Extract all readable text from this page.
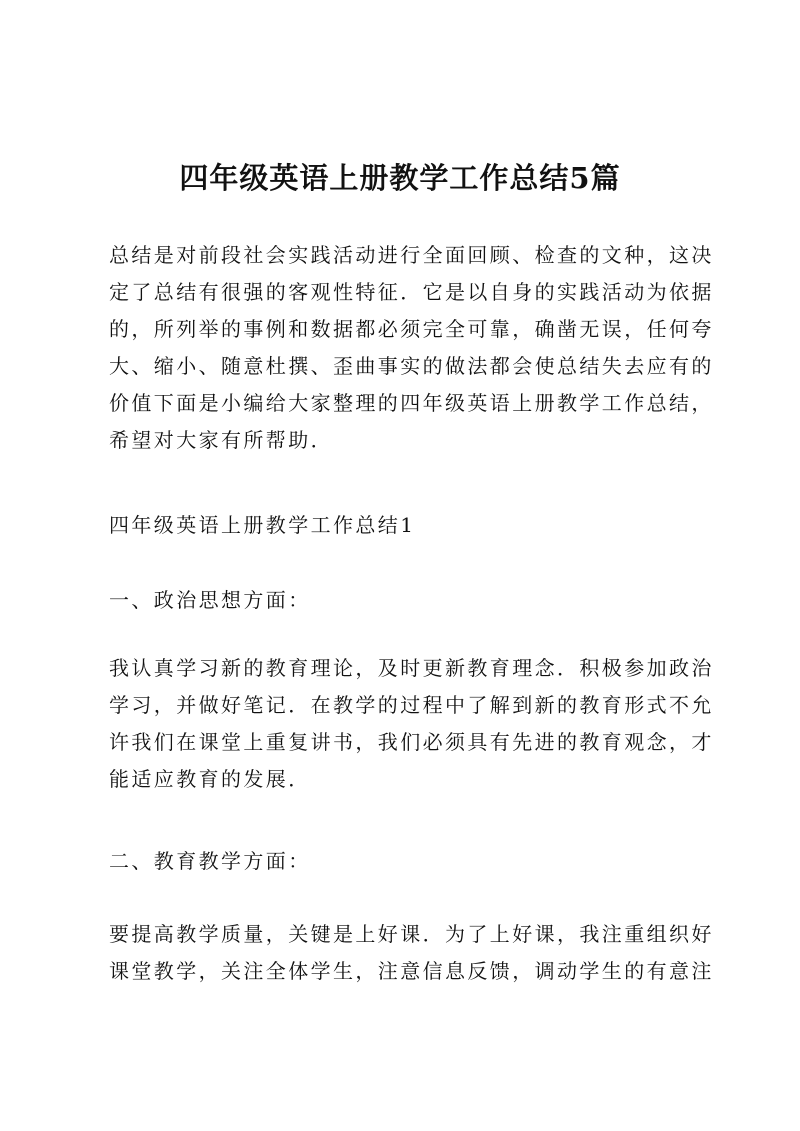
四年级英语上册教学工作总结5篇
总结是对前段社会实践活动进行全面回顾、检查的文种，这决
定了总结有很强的客观性特征．它是以自身的实践活动为依据
的，所列举的事例和数据都必须完全可靠，确凿无误，任何夸
大、缩小、随意杜撰、歪曲事实的做法都会使总结失去应有的
价值下面是小编给大家整理的四年级英语上册教学工作总结，
希望对大家有所帮助．
四年级英语上册教学工作总结1
一、政治思想方面：
我认真学习新的教育理论，及时更新教育理念．积极参加政治
学习，并做好笔记．在教学的过程中了解到新的教育形式不允
许我们在课堂上重复讲书，我们必须具有先进的教育观念，才
能适应教育的发展．
二、教育教学方面：
要提高教学质量，关键是上好课．为了上好课，我注重组织好
课堂教学，关注全体学生，注意信息反馈，调动学生的有意注
